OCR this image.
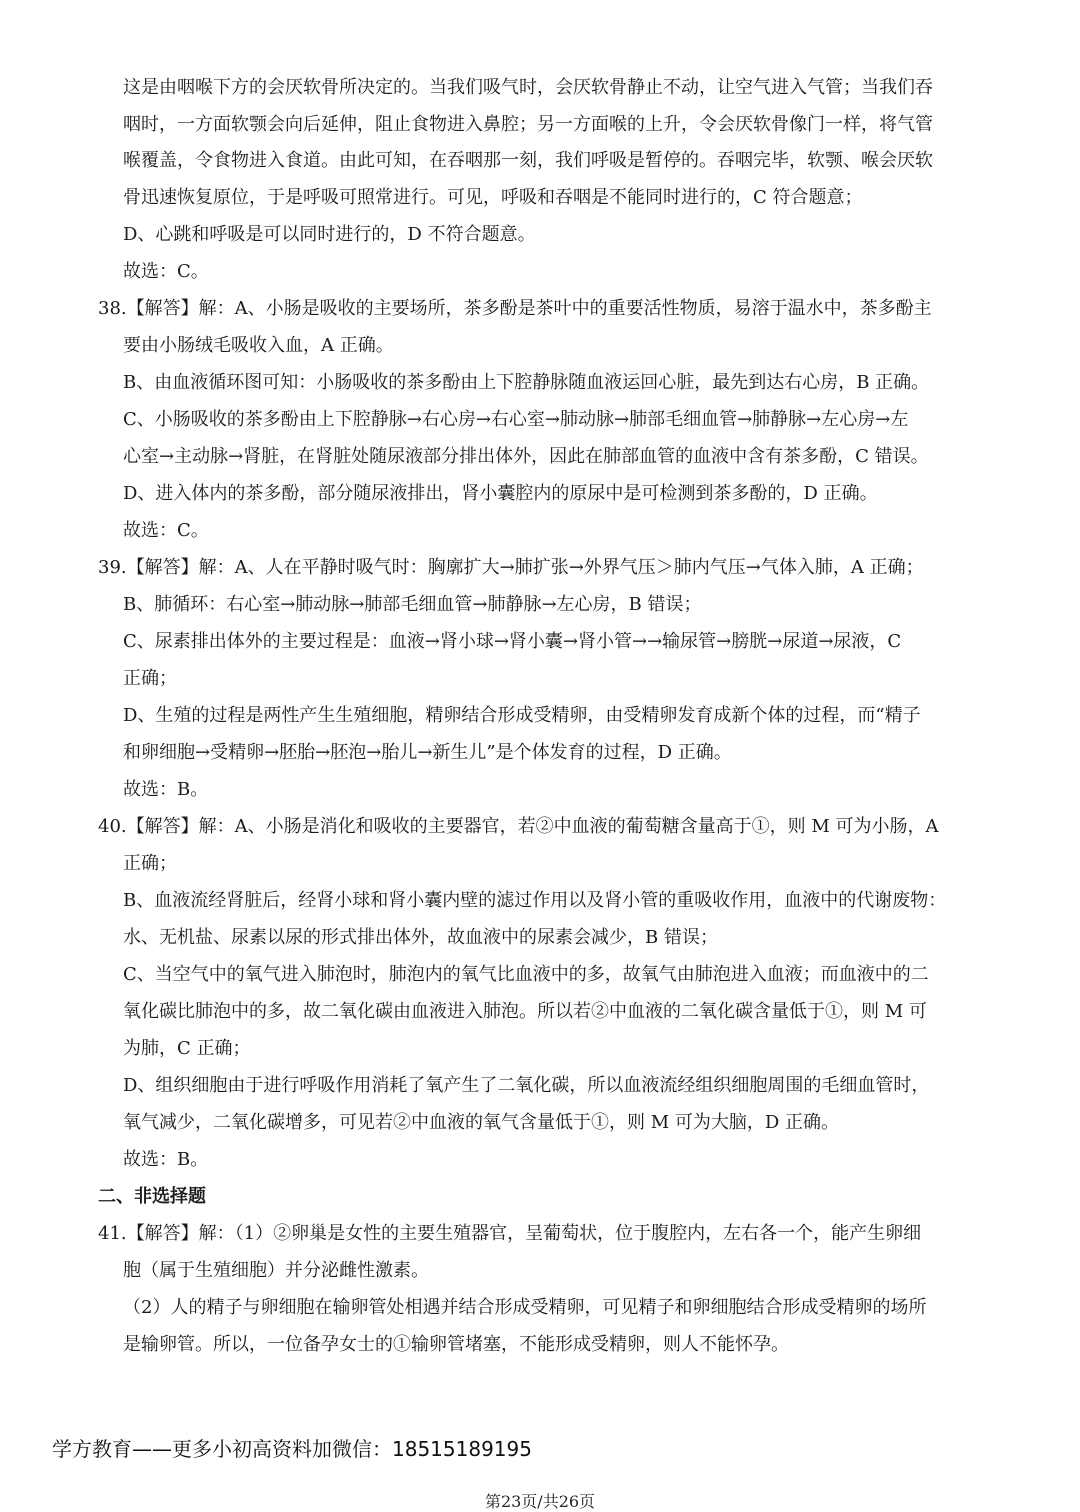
这是由咽喉下方的会厌软骨所决定的。当我们吸气时，会厌软骨静止不动，让空气进入气管；当我们吞
咽时，一方面软颚会向后延伸，阻止食物进入鼻腔；另一方面喉的上升，令会厌软骨像门一样，将气管
喉覆盖，令食物进入食道。由此可知，在吞咽那一刻，我们呼吸是暂停的。吞咽完毕，软颚、喉会厌软
骨迅速恢复原位，于是呼吸可照常进行。可见，呼吸和吞咽是不能同时进行的，C 符合题意；
D、心跳和呼吸是可以同时进行的，D 不符合题意。
故选：C。
38.【解答】解：A、小肠是吸收的主要场所，茶多酚是茶叶中的重要活性物质，易溶于温水中，茶多酚主
要由小肠绒毛吸收入血，A 正确。
B、由血液循环图可知：小肠吸收的茶多酚由上下腔静脉随血液运回心脏，最先到达右心房，B 正确。
C、小肠吸收的茶多酚由上下腔静脉→右心房→右心室→肺动脉→肺部毛细血管→肺静脉→左心房→左
心室→主动脉→肾脏，在肾脏处随尿液部分排出体外，因此在肺部血管的血液中含有茶多酚，C 错误。
D、进入体内的茶多酚，部分随尿液排出，肾小囊腔内的原尿中是可检测到茶多酚的，D 正确。
故选：C。
39.【解答】解：A、人在平静时吸气时：胸廓扩大→肺扩张→外界气压＞肺内气压→气体入肺，A 正确；
B、肺循环：右心室→肺动脉→肺部毛细血管→肺静脉→左心房，B 错误；
C、尿素排出体外的主要过程是：血液→肾小球→肾小囊→肾小管→→输尿管→膀胱→尿道→尿液，C
正确；
D、生殖的过程是两性产生生殖细胞，精卵结合形成受精卵，由受精卵发育成新个体的过程，而“精子
和卵细胞→受精卵→胚胎→胚泡→胎儿→新生儿”是个体发育的过程，D 正确。
故选：B。
40.【解答】解：A、小肠是消化和吸收的主要器官，若②中血液的葡萄糖含量高于①，则 M 可为小肠，A
正确；
B、血液流经肾脏后，经肾小球和肾小囊内壁的滤过作用以及肾小管的重吸收作用，血液中的代谢废物：
水、无机盐、尿素以尿的形式排出体外，故血液中的尿素会减少，B 错误；
C、当空气中的氧气进入肺泡时，肺泡内的氧气比血液中的多，故氧气由肺泡进入血液；而血液中的二
氧化碳比肺泡中的多，故二氧化碳由血液进入肺泡。所以若②中血液的二氧化碳含量低于①，则 M 可
为肺，C 正确；
D、组织细胞由于进行呼吸作用消耗了氧产生了二氧化碳，所以血液流经组织细胞周围的毛细血管时，
氧气减少，二氧化碳增多，可见若②中血液的氧气含量低于①，则 M 可为大脑，D 正确。
故选：B。
二、非选择题
41.【解答】解：（1）②卵巢是女性的主要生殖器官，呈葡萄状，位于腹腔内，左右各一个，能产生卵细
胞（属于生殖细胞）并分泌雌性激素。
（2）人的精子与卵细胞在输卵管处相遇并结合形成受精卵，可见精子和卵细胞结合形成受精卵的场所
是输卵管。所以，一位备孕女士的①输卵管堵塞，不能形成受精卵，则人不能怀孕。
学方教育——更多小初高资料加微信：18515189195
第23页/共26页
